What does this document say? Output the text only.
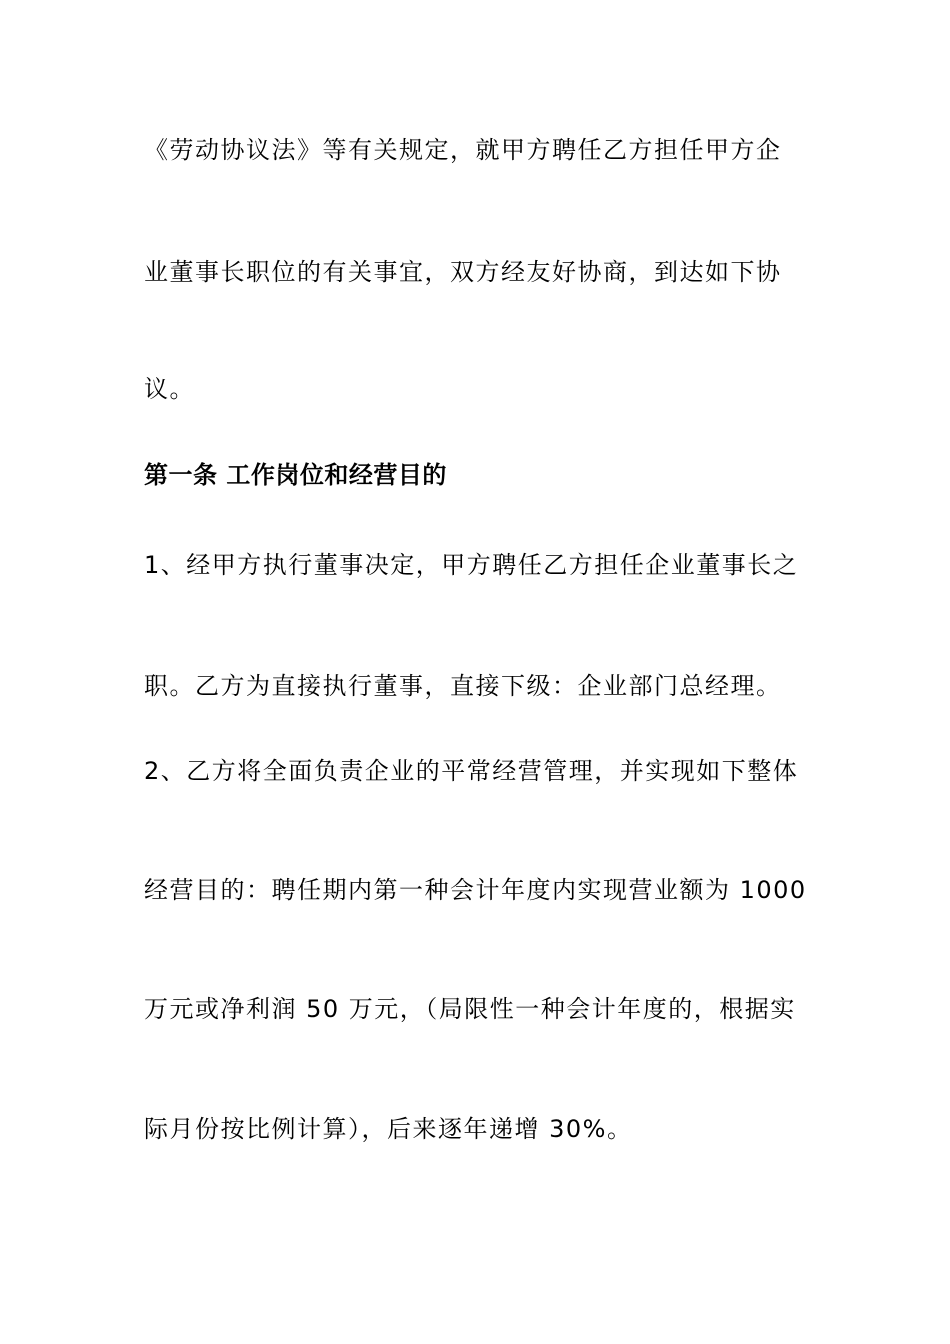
《劳动协议法》等有关规定，就甲方聘任乙方担任甲方企
业董事长职位的有关事宜，双方经友好协商，到达如下协
议。
第一条 工作岗位和经营目的
1、经甲方执行董事决定，甲方聘任乙方担任企业董事长之
职。乙方为直接执行董事，直接下级：企业部门总经理。
2、乙方将全面负责企业的平常经营管理，并实现如下整体
经营目的：聘任期内第一种会计年度内实现营业额为 1000
万元或净利润 50 万元，（局限性一种会计年度的，根据实
际月份按比例计算），后来逐年递增 30%。
